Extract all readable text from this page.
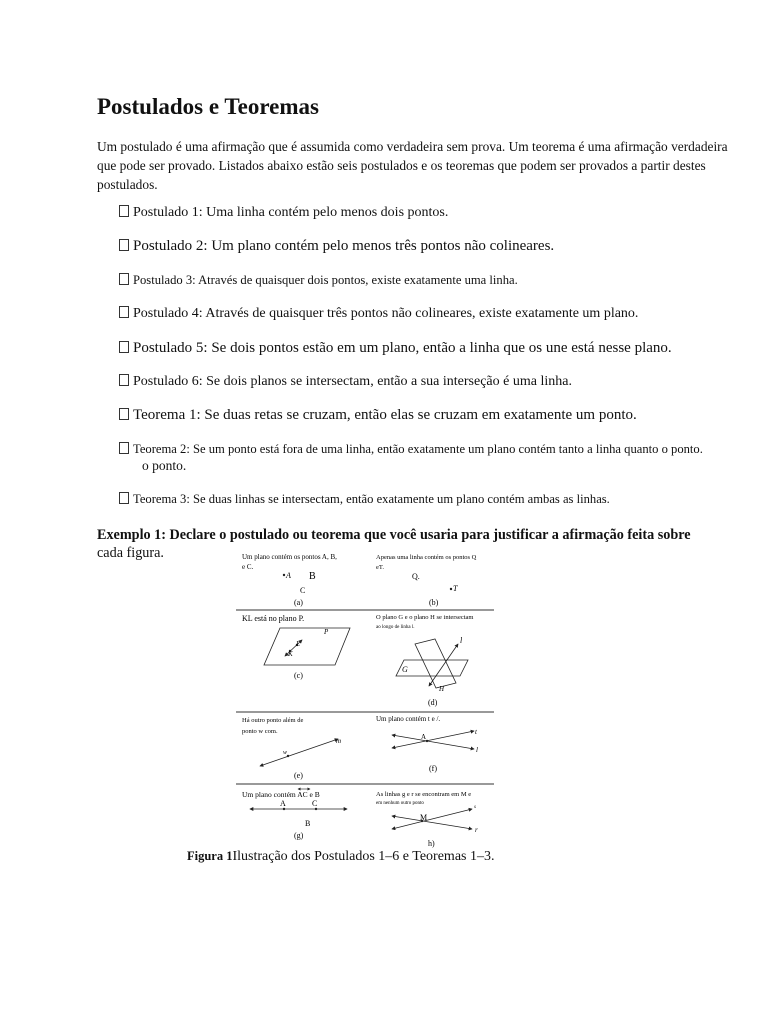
Postulados e Teoremas

Um postulado é uma afirmação que é assumida como verdadeira sem prova. Um teorema é uma afirmação verdadeira que pode ser provado. Listados abaixo estão seis postulados e os teoremas que podem ser provados a partir destes postulados.

Postulado 1: Uma linha contém pelo menos dois pontos.
Postulado 2: Um plano contém pelo menos três pontos não colineares.
Postulado 3: Através de quaisquer dois pontos, existe exatamente uma linha.
Postulado 4: Através de quaisquer três pontos não colineares, existe exatamente um plano.
Postulado 5: Se dois pontos estão em um plano, então a linha que os une está nesse plano.
Postulado 6: Se dois planos se intersectam, então a sua interseção é uma linha.
Teorema 1: Se duas retas se cruzam, então elas se cruzam em exatamente um ponto.
Teorema 2: Se um ponto está fora de uma linha, então exatamente um plano contém tanto a linha quanto o ponto.
o ponto.
Teorema 3: Se duas linhas se intersectam, então exatamente um plano contém ambas as linhas.
Exemplo 1: Declare o postulado ou teorema que você usaria para justificar a afirmação feita sobre
cada figura.	Um plano contém os pontos A, B,
e C.
A B
C
(a)
Apenas uma linha contém os pontos Q
eT.
Q.
T
(b)
KL está no plano P.
P
L
K
(c)
O plano G e o plano H se intersectam
ao longo de linha l.
l
G
H
(d)
Há outro ponto além de
ponto w com.
w
m
(e)
Um plano contém t e /.
A
t
l
(f)
Um plano contém AC e B
A	C
B
(g)
As linhas g e r se encontram em M e
em nenhum outro ponto
M
s
r
h)
Figura 1Ilustração dos Postulados 1–6 e Teoremas 1–3.
